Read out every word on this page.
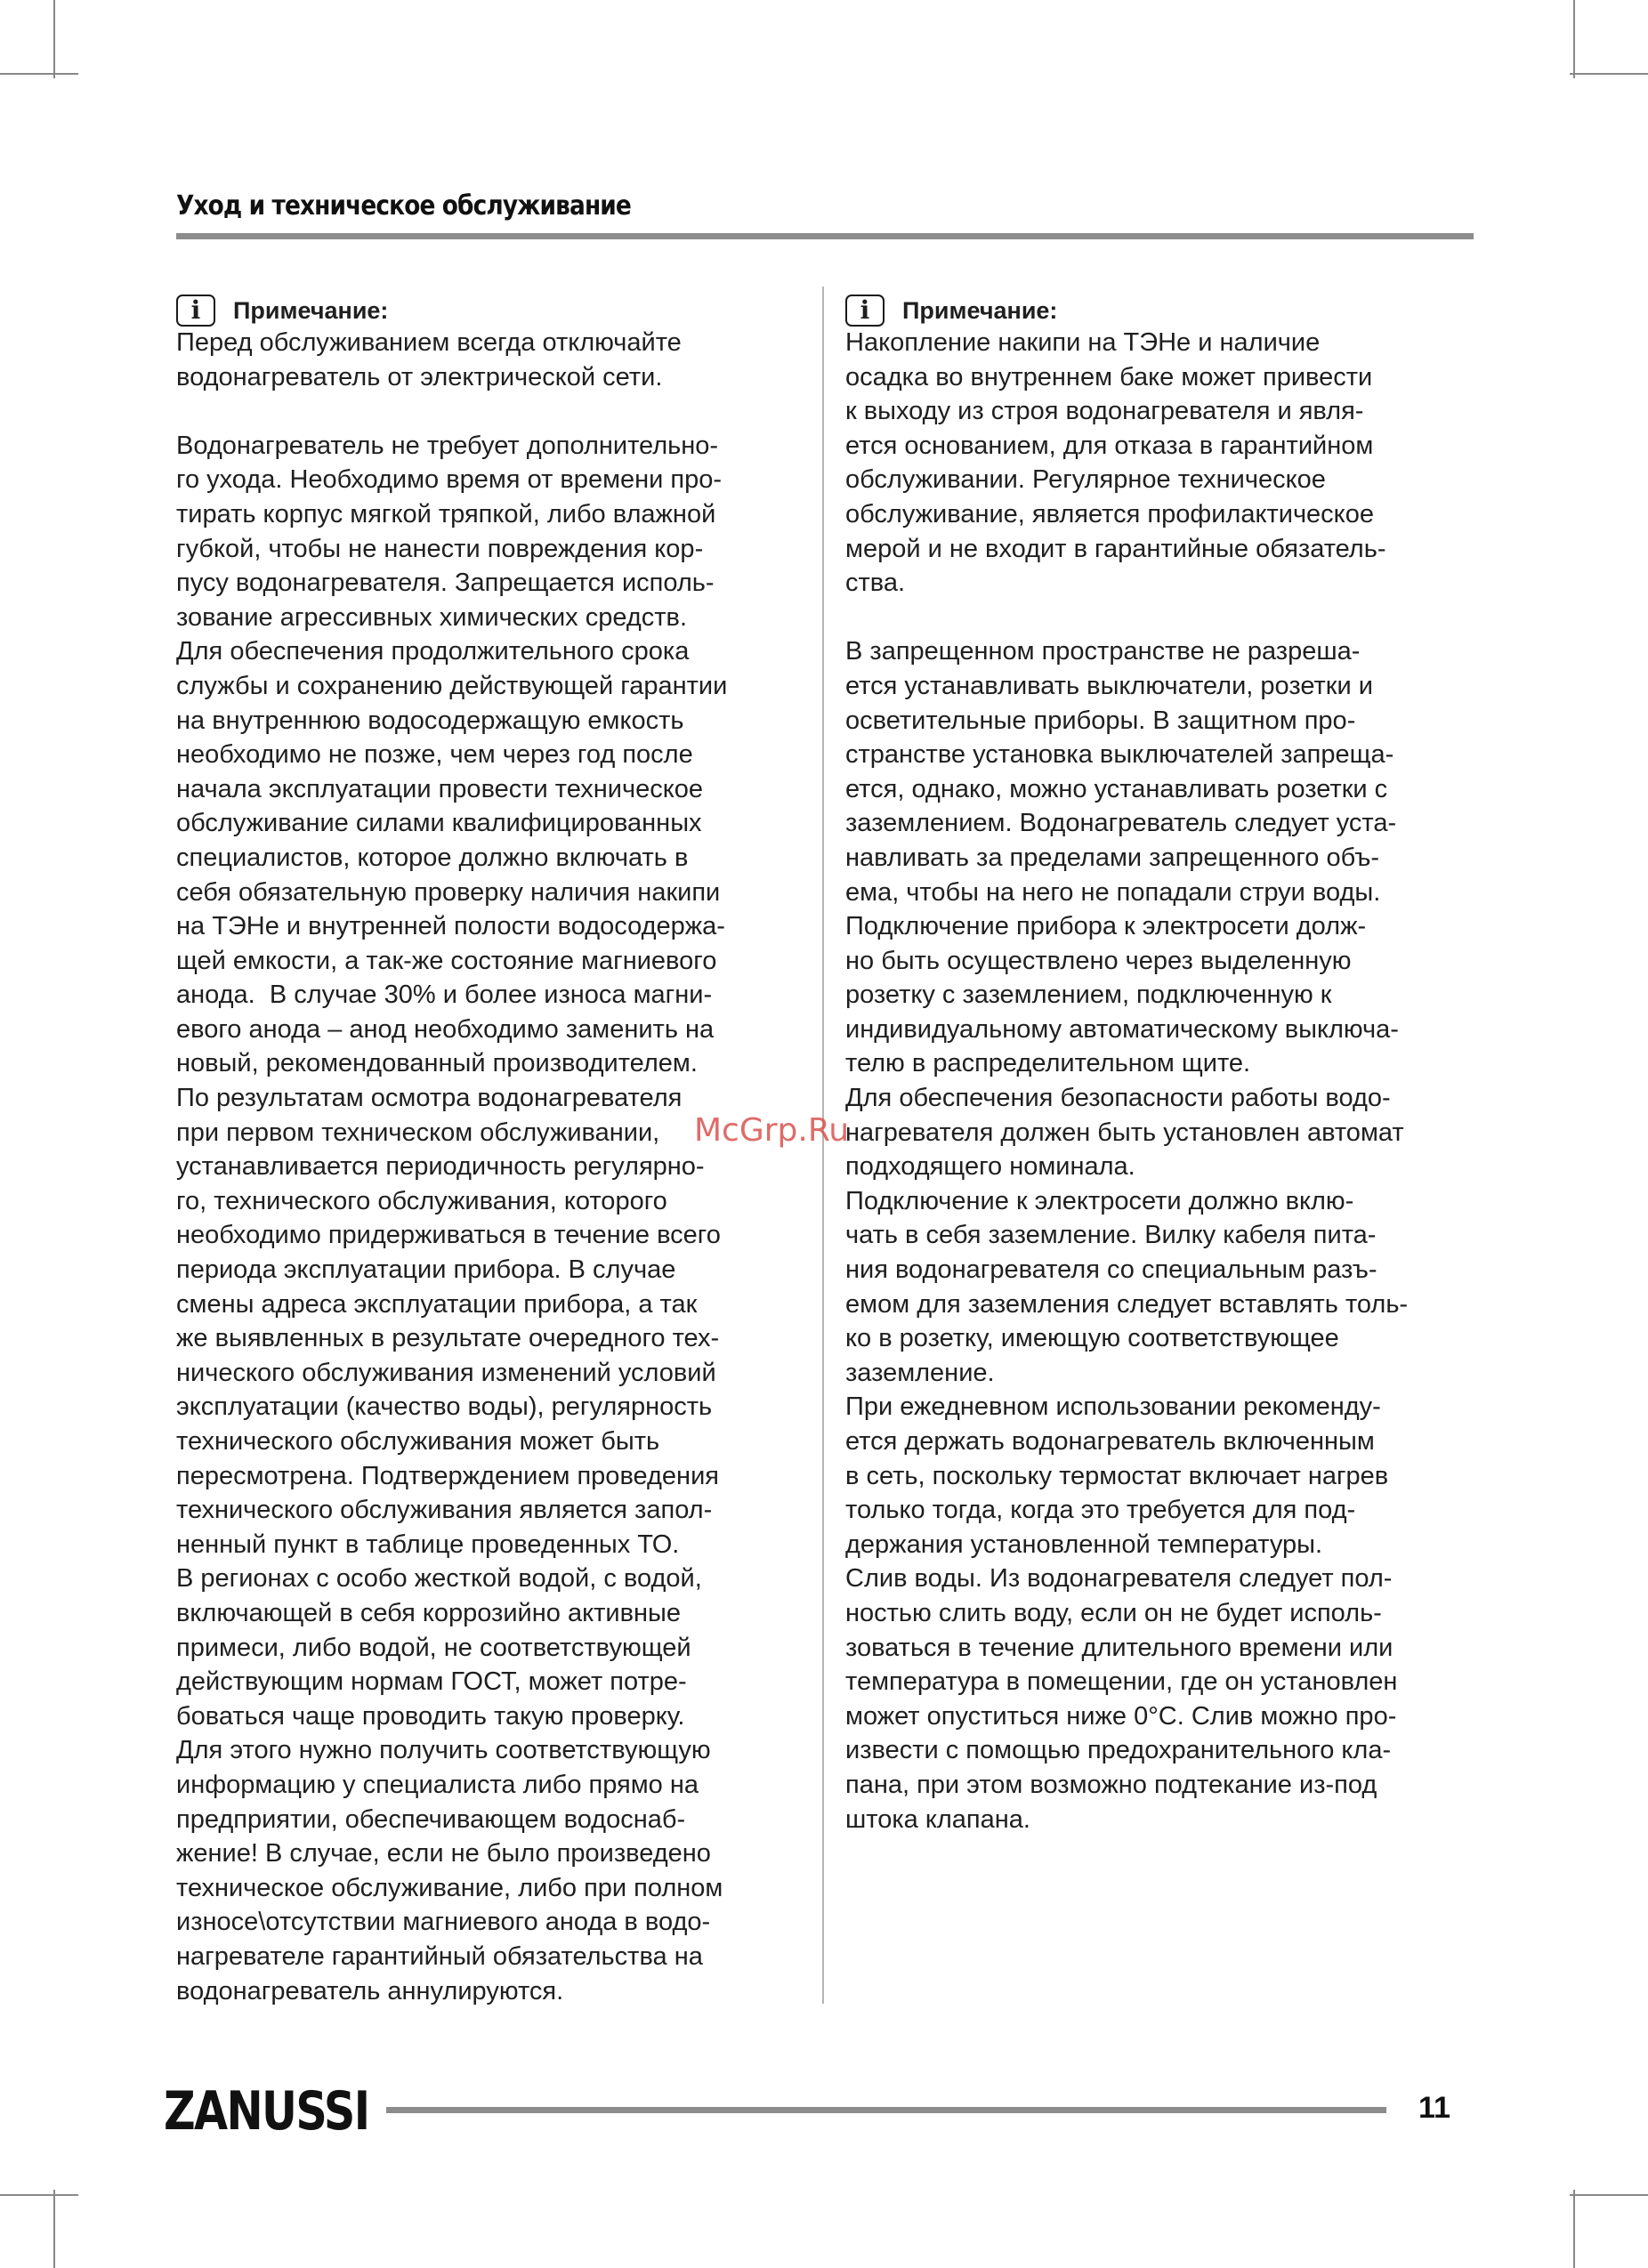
Уход и техническое обслуживание
i	Примечание:

Перед обслуживанием всегда отключайте
водонагреватель от электрической сети.

Водонагреватель не требует дополнительно-
го ухода. Необходимо время от времени про-
тирать корпус мягкой тряпкой, либо влажной
губкой, чтобы не нанести повреждения кор-
пусу водонагревателя. Запрещается исполь-
зование агрессивных химических средств.
Для обеспечения продолжительного срока
службы и сохранению действующей гарантии
на внутреннюю водосодержащую емкость
необходимо не позже, чем через год после
начала эксплуатации провести техническое
обслуживание силами квалифицированных
специалистов, которое должно включать в
себя обязательную проверку наличия накипи
на ТЭНе и внутренней полости водосодержа-
щей емкости, а так-же состояние магниевого
анода.  В случае 30% и более износа магни-
евого анода – анод необходимо заменить на
новый, рекомендованный производителем.
По результатам осмотра водонагревателя
при первом техническом обслуживании,
устанавливается периодичность регулярно-
го, технического обслуживания, которого
необходимо придерживаться в течение всего
периода эксплуатации прибора. В случае
смены адреса эксплуатации прибора, а так
же выявленных в результате очередного тех-
нического обслуживания изменений условий
эксплуатации (качество воды), регулярность
технического обслуживания может быть
пересмотрена. Подтверждением проведения
технического обслуживания является запол-
ненный пункт в таблице проведенных ТО.
В регионах с особо жесткой водой, с водой,
включающей в себя коррозийно активные
примеси, либо водой, не соответствующей
действующим нормам ГОСТ, может потре-
боваться чаще проводить такую проверку.
Для этого нужно получить соответствующую
информацию у специалиста либо прямо на
предприятии, обеспечивающем водоснаб-
жение! В случае, если не было произведено
техническое обслуживание, либо при полном
износе\отсутствии магниевого анода в водо-
нагревателе гарантийный обязательства на
водонагреватель аннулируются.

i	Примечание:

Накопление накипи на ТЭНе и наличие
осадка во внутреннем баке может привести
к выходу из строя водонагревателя и явля-
ется основанием, для отказа в гарантийном
обслуживании. Регулярное техническое
обслуживание, является профилактическое
мерой и не входит в гарантийные обязатель-
ства.

В запрещенном пространстве не разреша-
ется устанавливать выключатели, розетки и
осветительные приборы. В защитном про-
странстве установка выключателей запреща-
ется, однако, можно устанавливать розетки с
заземлением. Водонагреватель следует уста-
навливать за пределами запрещенного объ-
ема, чтобы на него не попадали струи воды.
Подключение прибора к электросети долж-
но быть осуществлено через выделенную
розетку с заземлением, подключенную к
индивидуальному автоматическому выключа-
телю в распределительном щите.
Для обеспечения безопасности работы водо-
нагревателя должен быть установлен автомат
подходящего номинала.
Подключение к электросети должно вклю-
чать в себя заземление. Вилку кабеля пита-
ния водонагревателя со специальным разъ-
емом для заземления следует вставлять толь-
ко в розетку, имеющую соответствующее
заземление.
При ежедневном использовании рекоменду-
ется держать водонагреватель включенным
в сеть, поскольку термостат включает нагрев
только тогда, когда это требуется для под-
держания установленной температуры.
Слив воды. Из водонагревателя следует пол-
ностью слить воду, если он не будет исполь-
зоваться в течение длительного времени или
температура в помещении, где он установлен
может опуститься ниже 0°С. Слив можно про-
извести с помощью предохранительного кла-
пана, при этом возможно подтекание из-под
штока клапана.

McGrp.Ru
ZANUSSI	11
